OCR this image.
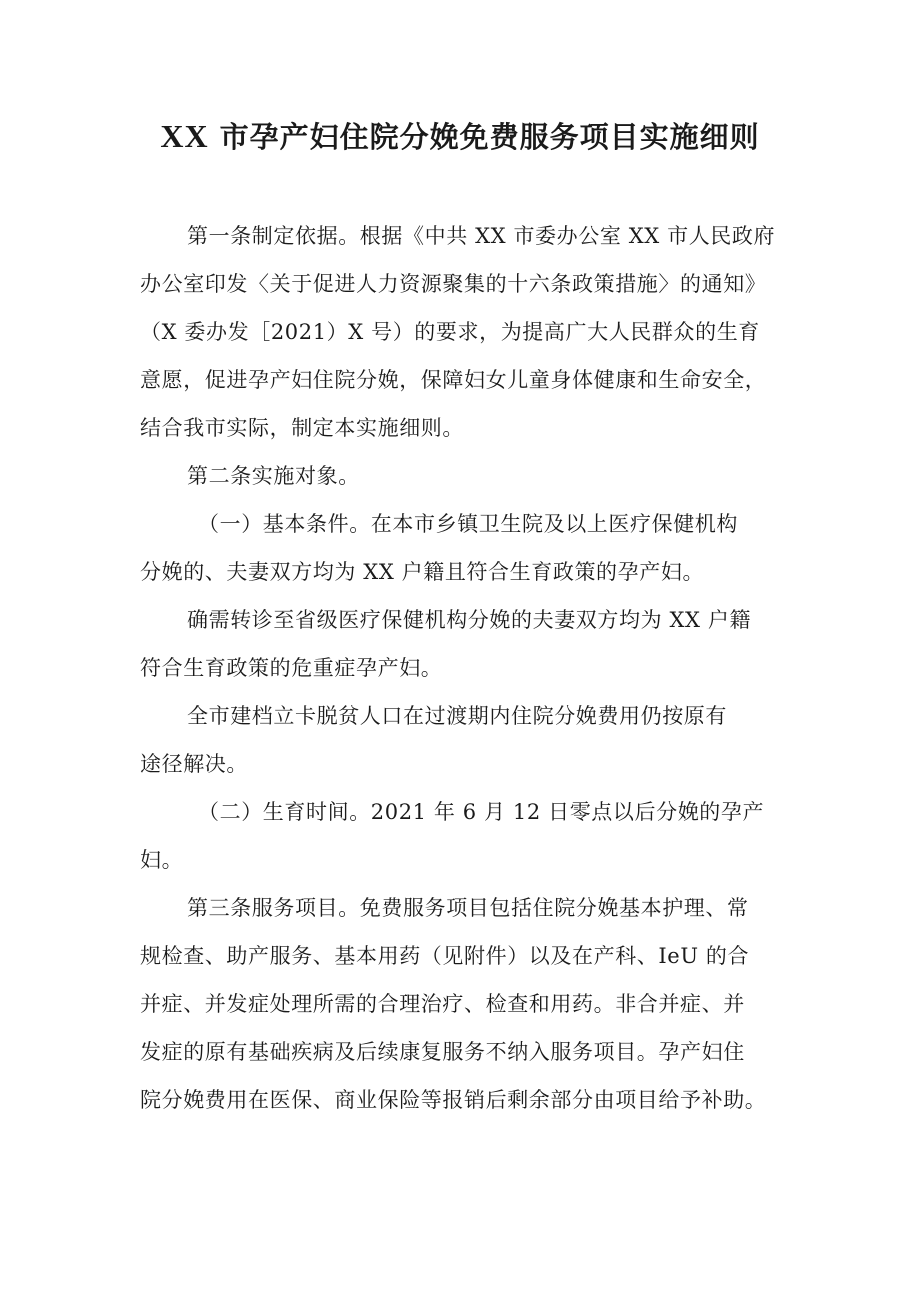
XX 市孕产妇住院分娩免费服务项目实施细则
第一条制定依据。根据《中共 XX 市委办公室 XX 市人民政府
办公室印发〈关于促进人力资源聚集的十六条政策措施〉的通知》
（X 委办发［2021）X 号）的要求，为提高广大人民群众的生育
意愿，促进孕产妇住院分娩，保障妇女儿童身体健康和生命安全，
结合我市实际，制定本实施细则。
第二条实施对象。
（一）基本条件。在本市乡镇卫生院及以上医疗保健机构
分娩的、夫妻双方均为 XX 户籍且符合生育政策的孕产妇。
确需转诊至省级医疗保健机构分娩的夫妻双方均为 XX 户籍
符合生育政策的危重症孕产妇。
全市建档立卡脱贫人口在过渡期内住院分娩费用仍按原有
途径解决。
（二）生育时间。2021 年 6 月 12 日零点以后分娩的孕产
妇。
第三条服务项目。免费服务项目包括住院分娩基本护理、常
规检查、助产服务、基本用药（见附件）以及在产科、IeU 的合
并症、并发症处理所需的合理治疗、检查和用药。非合并症、并
发症的原有基础疾病及后续康复服务不纳入服务项目。孕产妇住
院分娩费用在医保、商业保险等报销后剩余部分由项目给予补助。
